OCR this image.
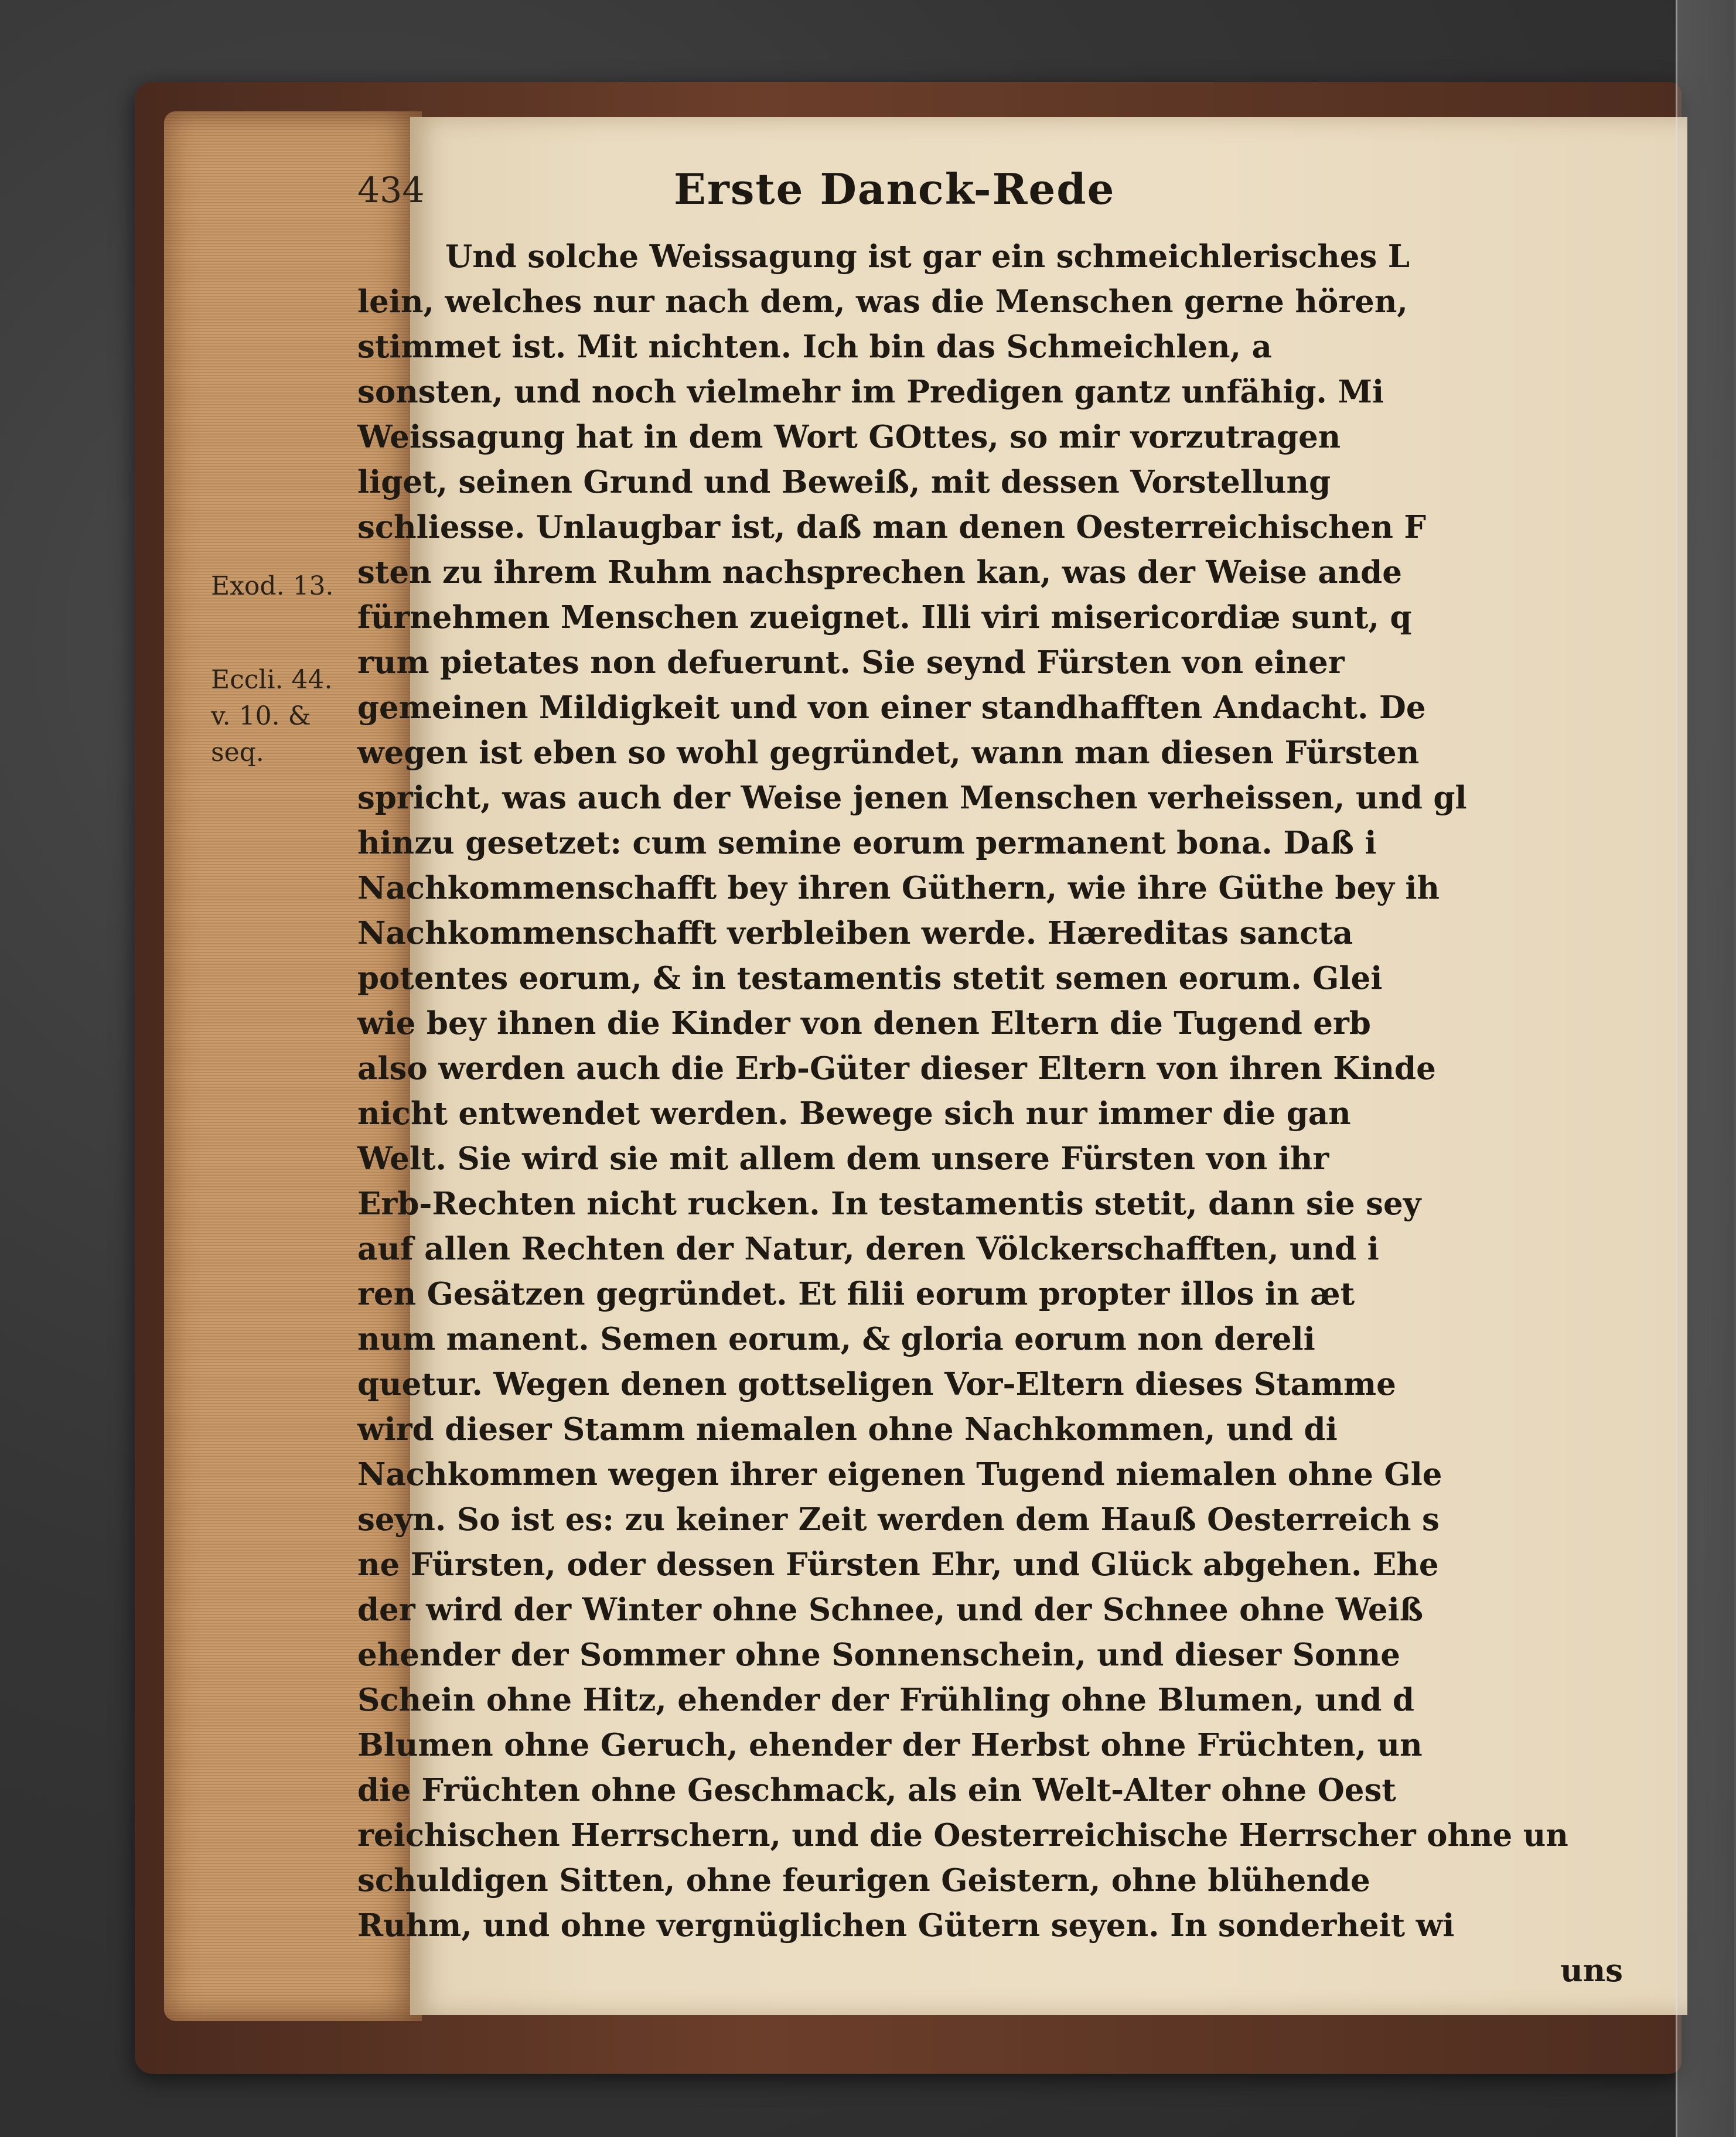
434	Erste Danck-Rede
Exod. 13.
Eccli. 44.
v. 10. &
seq.
Und solche Weissagung ist gar ein schmeichlerisches L
lein, welches nur nach dem, was die Menschen gerne hören,
stimmet ist. Mit nichten. Ich bin das Schmeichlen, a
sonsten, und noch vielmehr im Predigen gantz unfähig. Mi
Weissagung hat in dem Wort GOttes, so mir vorzutragen
liget, seinen Grund und Beweiß, mit dessen Vorstellung
schliesse. Unlaugbar ist, daß man denen Oesterreichischen F
sten zu ihrem Ruhm nachsprechen kan, was der Weise ande
fürnehmen Menschen zueignet. Illi viri misericordiæ sunt, q
rum pietates non defuerunt. Sie seynd Fürsten von einer
gemeinen Mildigkeit und von einer standhafften Andacht. De
wegen ist eben so wohl gegründet, wann man diesen Fürsten
spricht, was auch der Weise jenen Menschen verheissen, und gl
hinzu gesetzet: cum semine eorum permanent bona. Daß i
Nachkommenschafft bey ihren Güthern, wie ihre Güthe bey ih
Nachkommenschafft verbleiben werde. Hæreditas sancta
potentes eorum, & in testamentis stetit semen eorum. Glei
wie bey ihnen die Kinder von denen Eltern die Tugend erb
also werden auch die Erb-Güter dieser Eltern von ihren Kinde
nicht entwendet werden. Bewege sich nur immer die gan
Welt. Sie wird sie mit allem dem unsere Fürsten von ihr
Erb-Rechten nicht rucken. In testamentis stetit, dann sie sey
auf allen Rechten der Natur, deren Völckerschafften, und i
ren Gesätzen gegründet. Et filii eorum propter illos in æt
num manent. Semen eorum, & gloria eorum non dereli
quetur. Wegen denen gottseligen Vor-Eltern dieses Stamme
wird dieser Stamm niemalen ohne Nachkommen, und di
Nachkommen wegen ihrer eigenen Tugend niemalen ohne Gle
seyn. So ist es: zu keiner Zeit werden dem Hauß Oesterreich s
ne Fürsten, oder dessen Fürsten Ehr, und Glück abgehen. Ehe
der wird der Winter ohne Schnee, und der Schnee ohne Weiß
ehender der Sommer ohne Sonnenschein, und dieser Sonne
Schein ohne Hitz, ehender der Frühling ohne Blumen, und d
Blumen ohne Geruch, ehender der Herbst ohne Früchten, un
die Früchten ohne Geschmack, als ein Welt-Alter ohne Oest
reichischen Herrschern, und die Oesterreichische Herrscher ohne un
schuldigen Sitten, ohne feurigen Geistern, ohne blühende
Ruhm, und ohne vergnüglichen Gütern seyen. In sonderheit wi
uns
